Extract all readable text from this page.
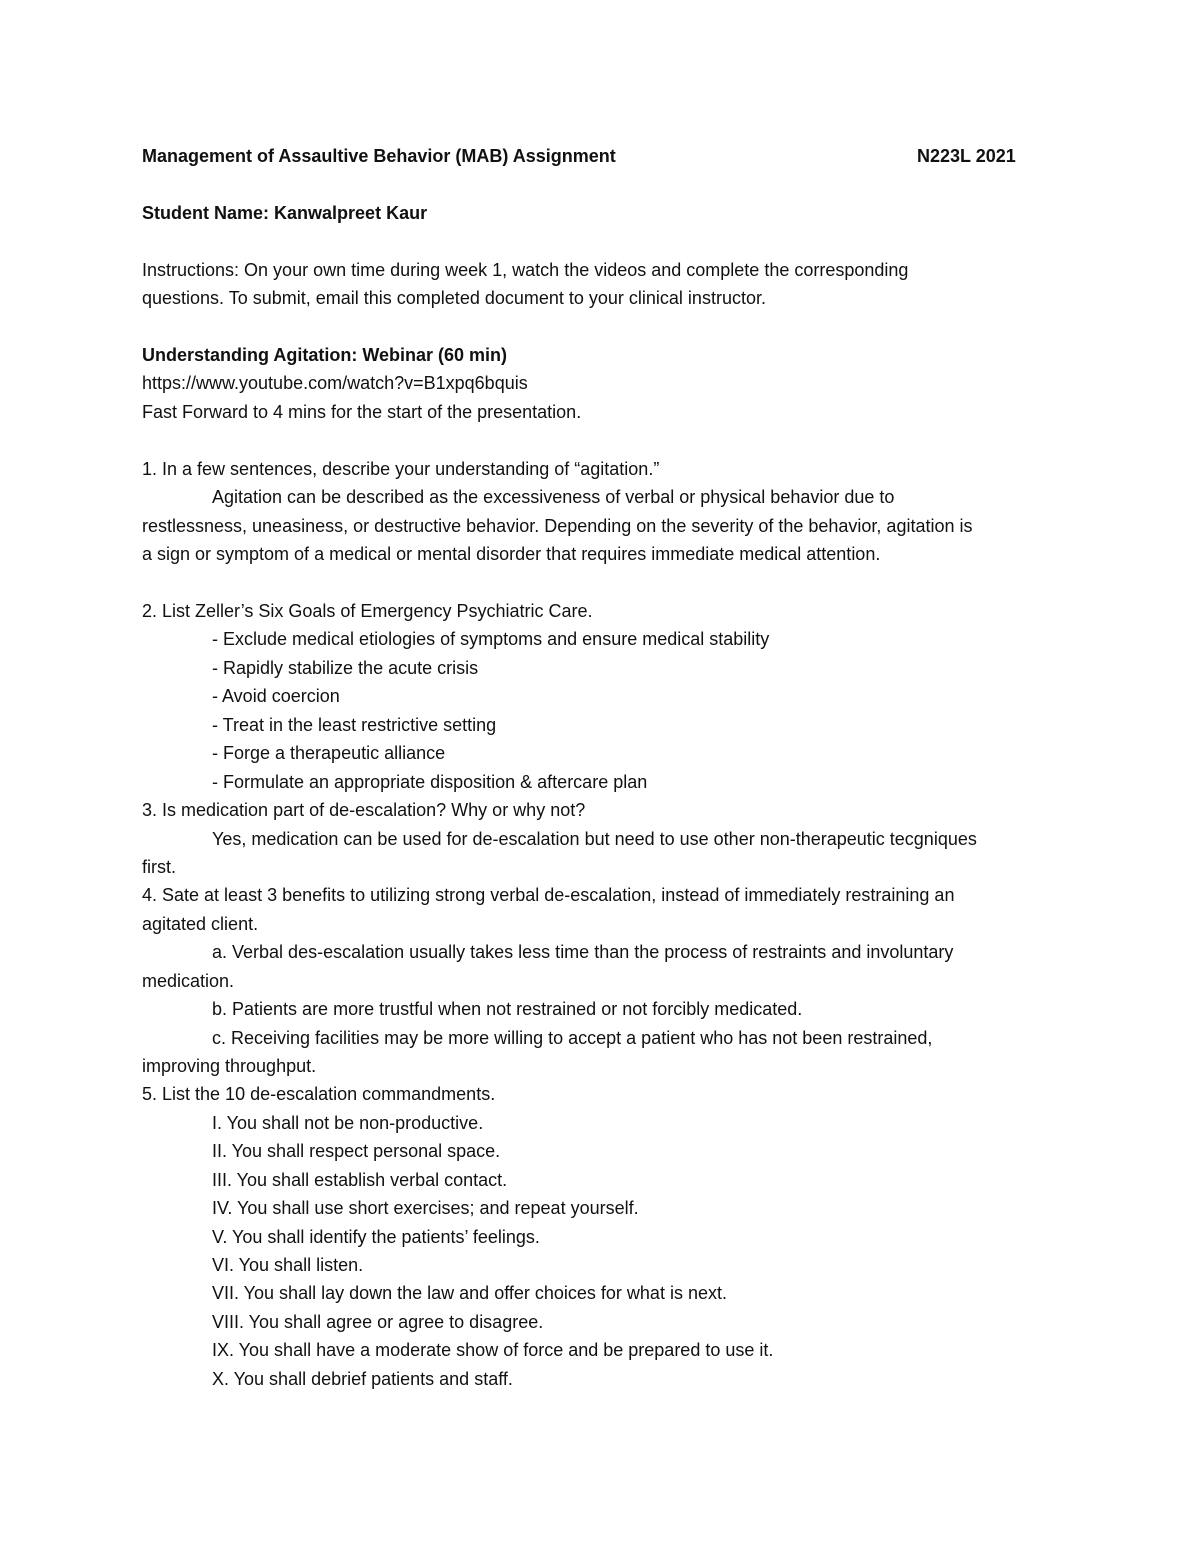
Management of Assaultive Behavior (MAB) Assignment	N223L 2021
Student Name: Kanwalpreet Kaur
Instructions: On your own time during week 1, watch the videos and complete the corresponding
questions. To submit, email this completed document to your clinical instructor.
Understanding Agitation: Webinar (60 min)
https://www.youtube.com/watch?v=B1xpq6bquis
Fast Forward to 4 mins for the start of the presentation.
1. In a few sentences, describe your understanding of “agitation.”
Agitation can be described as the excessiveness of verbal or physical behavior due to
restlessness, uneasiness, or destructive behavior. Depending on the severity of the behavior, agitation is
a sign or symptom of a medical or mental disorder that requires immediate medical attention.
2. List Zeller’s Six Goals of Emergency Psychiatric Care.
- Exclude medical etiologies of symptoms and ensure medical stability
- Rapidly stabilize the acute crisis
- Avoid coercion
- Treat in the least restrictive setting
- Forge a therapeutic alliance
- Formulate an appropriate disposition & aftercare plan
3. Is medication part of de-escalation? Why or why not?
Yes, medication can be used for de-escalation but need to use other non-therapeutic tecgniques
first.
4. Sate at least 3 benefits to utilizing strong verbal de-escalation, instead of immediately restraining an
agitated client.
a. Verbal des-escalation usually takes less time than the process of restraints and involuntary
medication.
b. Patients are more trustful when not restrained or not forcibly medicated.
c. Receiving facilities may be more willing to accept a patient who has not been restrained,
improving throughput.
5. List the 10 de-escalation commandments.
I. You shall not be non-productive.
II. You shall respect personal space.
III. You shall establish verbal contact.
IV. You shall use short exercises; and repeat yourself.
V. You shall identify the patients’ feelings.
VI. You shall listen.
VII. You shall lay down the law and offer choices for what is next.
VIII. You shall agree or agree to disagree.
IX. You shall have a moderate show of force and be prepared to use it.
X. You shall debrief patients and staff.
